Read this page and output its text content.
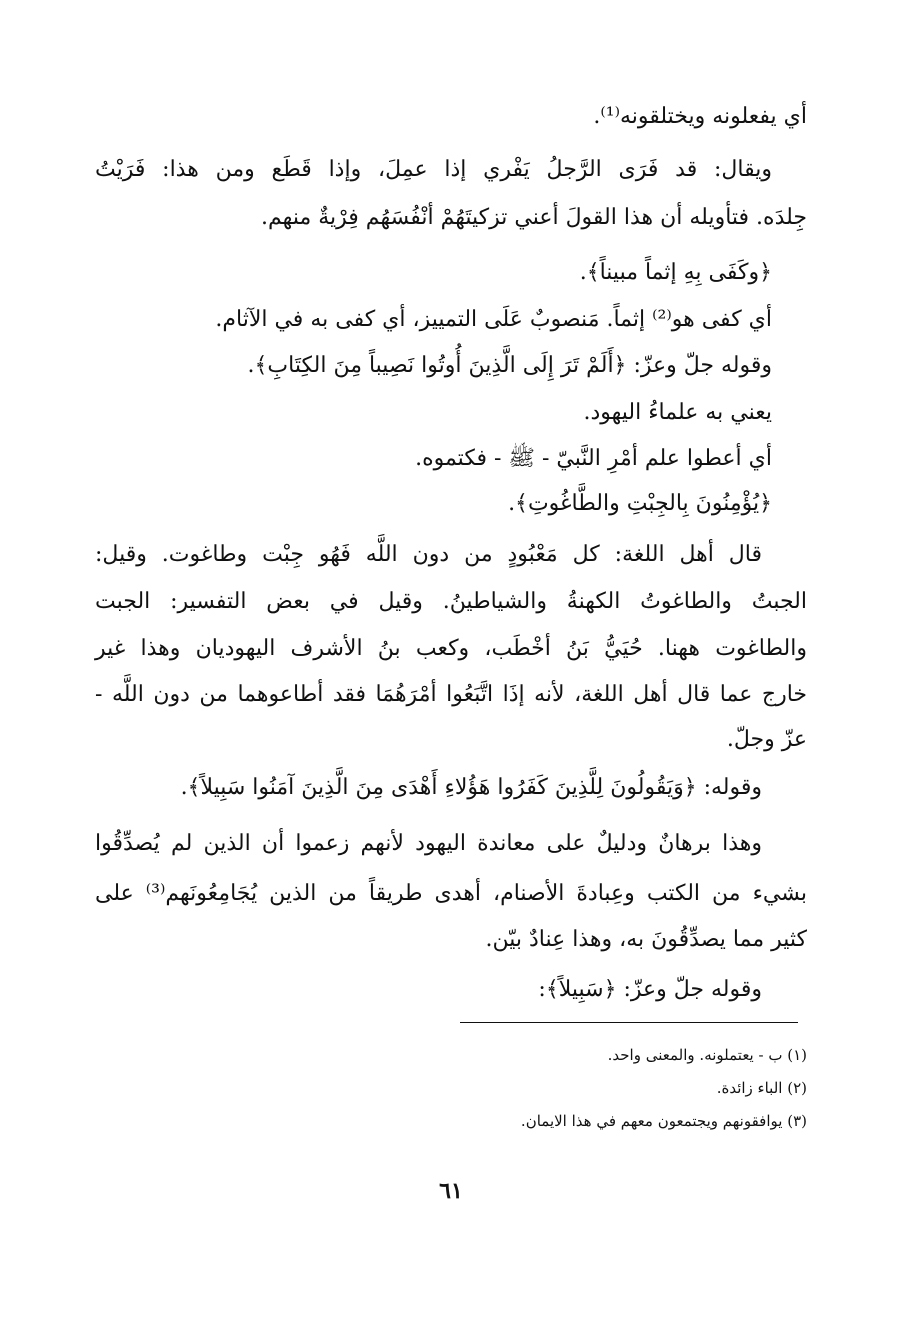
أي يفعلونه ويختلقونه⁽¹⁾.
ويقال: قد فَرَى الرَّجلُ يَفْري إذا عمِلَ، وإذا قَطَع ومن هذا: فَرَيْتُ
جِلدَه. فتأويله أن هذا القولَ أعني تزكيتَهُمْ أنْفُسَهُم فِرْيةٌ منهم.
﴿وكَفَى بِهِ إثماً مبيناً﴾.
أي كفى هو⁽²⁾ إثماً. مَنصوبٌ عَلَى التمييز، أي كفى به في الآثام.
وقوله جلّ وعزّ: ﴿أَلَمْ تَرَ إِلَى الَّذِينَ أُوتُوا نَصِيباً مِنَ الكِتَابِ﴾.
يعني به علماءُ اليهود.
أي أعطوا علم أمْرِ النَّبيّ - ﷺ - فكتموه.
﴿يُؤْمِنُونَ بِالجِبْتِ والطَّاغُوتِ﴾.
قال أهل اللغة: كل مَعْبُودٍ من دون اللَّه فَهُو جِبْت وطاغوت. وقيل:
الجبتُ والطاغوتُ الكهنةُ والشياطينُ. وقيل في بعض التفسير: الجبت
والطاغوت ههنا. حُيَيُّ بَنُ أخْطَب، وكعب بنُ الأشرف اليهوديان وهذا غير
خارج عما قال أهل اللغة، لأنه إذَا اتَّبَعُوا أمْرَهُمَا فقد أطاعوهما من دون اللَّه -
عزّ وجلّ.
وقوله: ﴿وَيَقُولُونَ لِلَّذِينَ كَفَرُوا هَؤُلاءِ أَهْدَى مِنَ الَّذِينَ آمَنُوا سَبِيلاً﴾.
وهذا برهانٌ ودليلٌ على معاندة اليهود لأنهم زعموا أن الذين لم يُصدِّقُوا
بشيء من الكتب وعِبادةَ الأصنام، أهدى طريقاً من الذين يُجَامِعُونَهم⁽³⁾ على
كثير مما يصدِّقُونَ به، وهذا عِنادٌ بيّن.
وقوله جلّ وعزّ: ﴿سَبِيلاً﴾:
(١) ب - يعتملونه. والمعنى واحد.
(٢) الباء زائدة.
(٣) يوافقونهم ويجتمعون معهم في هذا الايمان.
٦١
